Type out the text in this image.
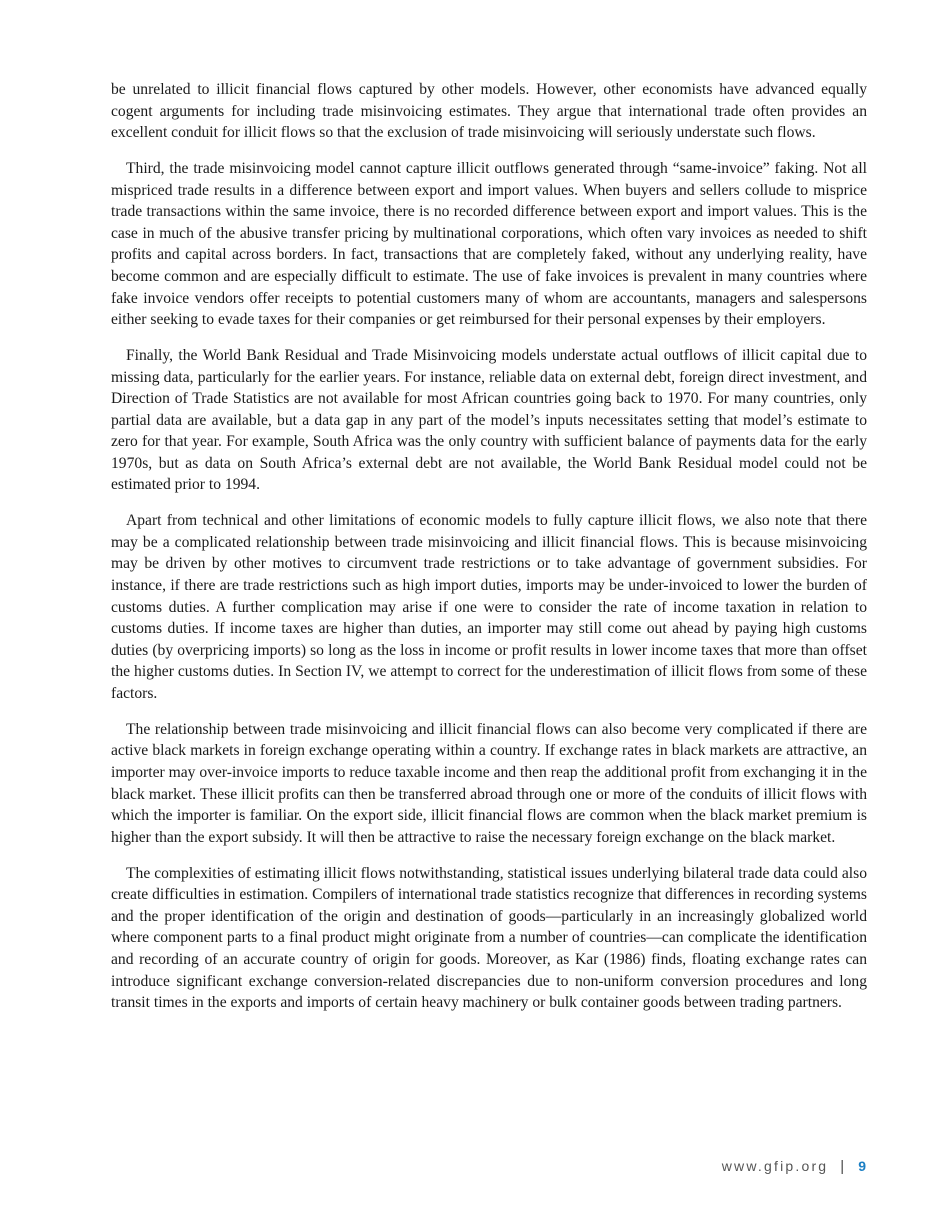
be unrelated to illicit financial flows captured by other models. However, other economists have advanced equally cogent arguments for including trade misinvoicing estimates. They argue that international trade often provides an excellent conduit for illicit flows so that the exclusion of trade misinvoicing will seriously understate such flows.

Third, the trade misinvoicing model cannot capture illicit outflows generated through “same-invoice” faking. Not all mispriced trade results in a difference between export and import values. When buyers and sellers collude to misprice trade transactions within the same invoice, there is no recorded difference between export and import values. This is the case in much of the abusive transfer pricing by multinational corporations, which often vary invoices as needed to shift profits and capital across borders. In fact, transactions that are completely faked, without any underlying reality, have become common and are especially difficult to estimate. The use of fake invoices is prevalent in many countries where fake invoice vendors offer receipts to potential customers many of whom are accountants, managers and salespersons either seeking to evade taxes for their companies or get reimbursed for their personal expenses by their employers.

Finally, the World Bank Residual and Trade Misinvoicing models understate actual outflows of illicit capital due to missing data, particularly for the earlier years. For instance, reliable data on external debt, foreign direct investment, and Direction of Trade Statistics are not available for most African countries going back to 1970. For many countries, only partial data are available, but a data gap in any part of the model’s inputs necessitates setting that model’s estimate to zero for that year. For example, South Africa was the only country with sufficient balance of payments data for the early 1970s, but as data on South Africa’s external debt are not available, the World Bank Residual model could not be estimated prior to 1994.

Apart from technical and other limitations of economic models to fully capture illicit flows, we also note that there may be a complicated relationship between trade misinvoicing and illicit financial flows. This is because misinvoicing may be driven by other motives to circumvent trade restrictions or to take advantage of government subsidies. For instance, if there are trade restrictions such as high import duties, imports may be under-invoiced to lower the burden of customs duties. A further complication may arise if one were to consider the rate of income taxation in relation to customs duties. If income taxes are higher than duties, an importer may still come out ahead by paying high customs duties (by overpricing imports) so long as the loss in income or profit results in lower income taxes that more than offset the higher customs duties. In Section IV, we attempt to correct for the underestimation of illicit flows from some of these factors.

The relationship between trade misinvoicing and illicit financial flows can also become very complicated if there are active black markets in foreign exchange operating within a country. If exchange rates in black markets are attractive, an importer may over-invoice imports to reduce taxable income and then reap the additional profit from exchanging it in the black market. These illicit profits can then be transferred abroad through one or more of the conduits of illicit flows with which the importer is familiar. On the export side, illicit financial flows are common when the black market premium is higher than the export subsidy. It will then be attractive to raise the necessary foreign exchange on the black market.

The complexities of estimating illicit flows notwithstanding, statistical issues underlying bilateral trade data could also create difficulties in estimation. Compilers of international trade statistics recognize that differences in recording systems and the proper identification of the origin and destination of goods—particularly in an increasingly globalized world where component parts to a final product might originate from a number of countries—can complicate the identification and recording of an accurate country of origin for goods. Moreover, as Kar (1986) finds, floating exchange rates can introduce significant exchange conversion-related discrepancies due to non-uniform conversion procedures and long transit times in the exports and imports of certain heavy machinery or bulk container goods between trading partners.

www.gfip.org | 9
